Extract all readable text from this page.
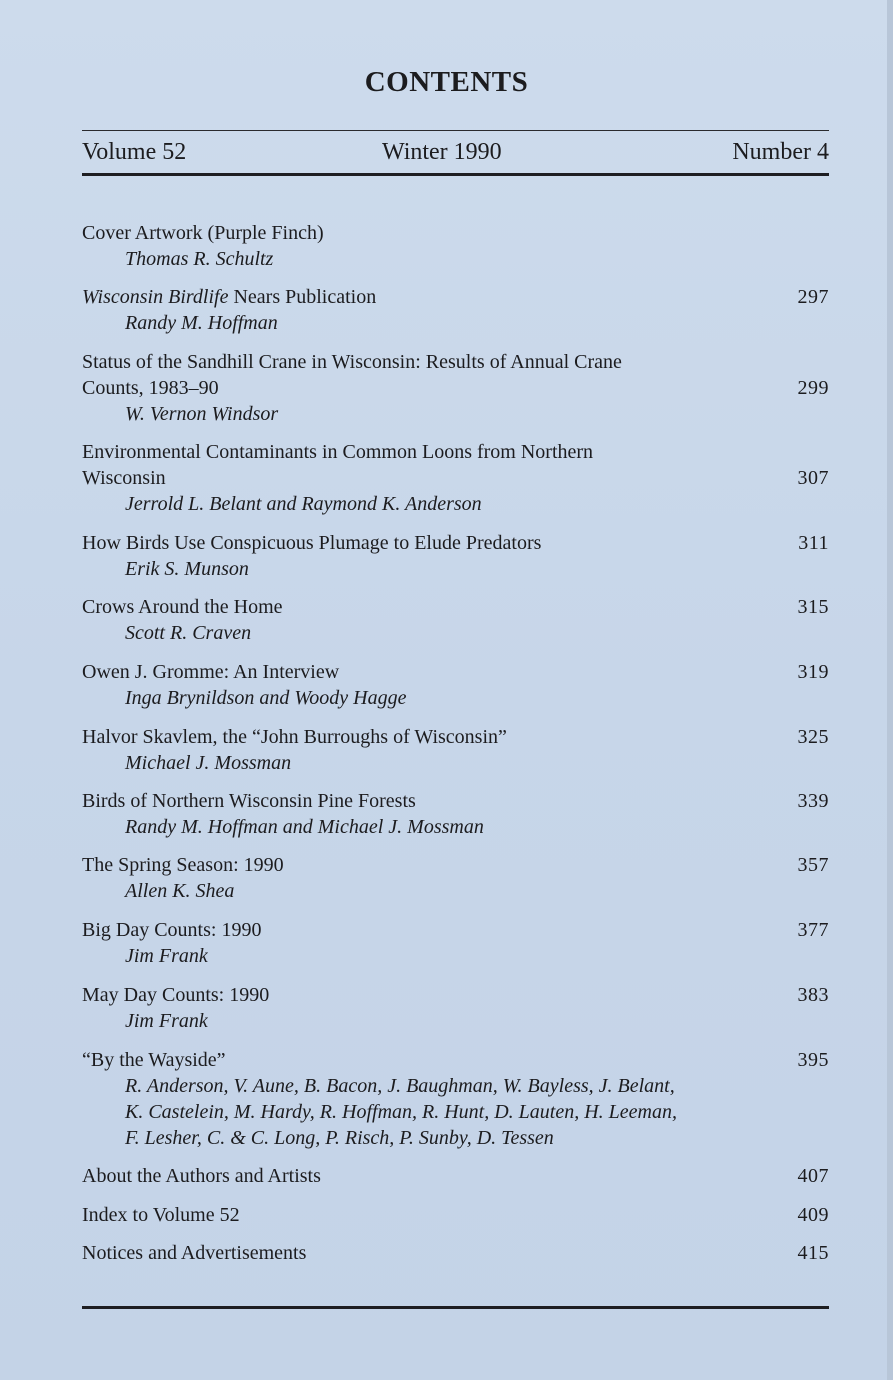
CONTENTS
Volume 52	Winter 1990	Number 4
Cover Artwork (Purple Finch)
Thomas R. Schultz
Wisconsin Birdlife Nears Publication
Randy M. Hoffman
297
Status of the Sandhill Crane in Wisconsin: Results of Annual Crane
Counts, 1983–90
W. Vernon Windsor
299
Environmental Contaminants in Common Loons from Northern
Wisconsin
Jerrold L. Belant and Raymond K. Anderson
307
How Birds Use Conspicuous Plumage to Elude Predators
Erik S. Munson
311
Crows Around the Home
Scott R. Craven
315
Owen J. Gromme: An Interview
Inga Brynildson and Woody Hagge
319
Halvor Skavlem, the “John Burroughs of Wisconsin”
Michael J. Mossman
325
Birds of Northern Wisconsin Pine Forests
Randy M. Hoffman and Michael J. Mossman
339
The Spring Season: 1990
Allen K. Shea
357
Big Day Counts: 1990
Jim Frank
377
May Day Counts: 1990
Jim Frank
383
“By the Wayside”
R. Anderson, V. Aune, B. Bacon, J. Baughman, W. Bayless, J. Belant,
K. Castelein, M. Hardy, R. Hoffman, R. Hunt, D. Lauten, H. Leeman,
F. Lesher, C. & C. Long, P. Risch, P. Sunby, D. Tessen
395
About the Authors and Artists	407
Index to Volume 52	409
Notices and Advertisements	415
